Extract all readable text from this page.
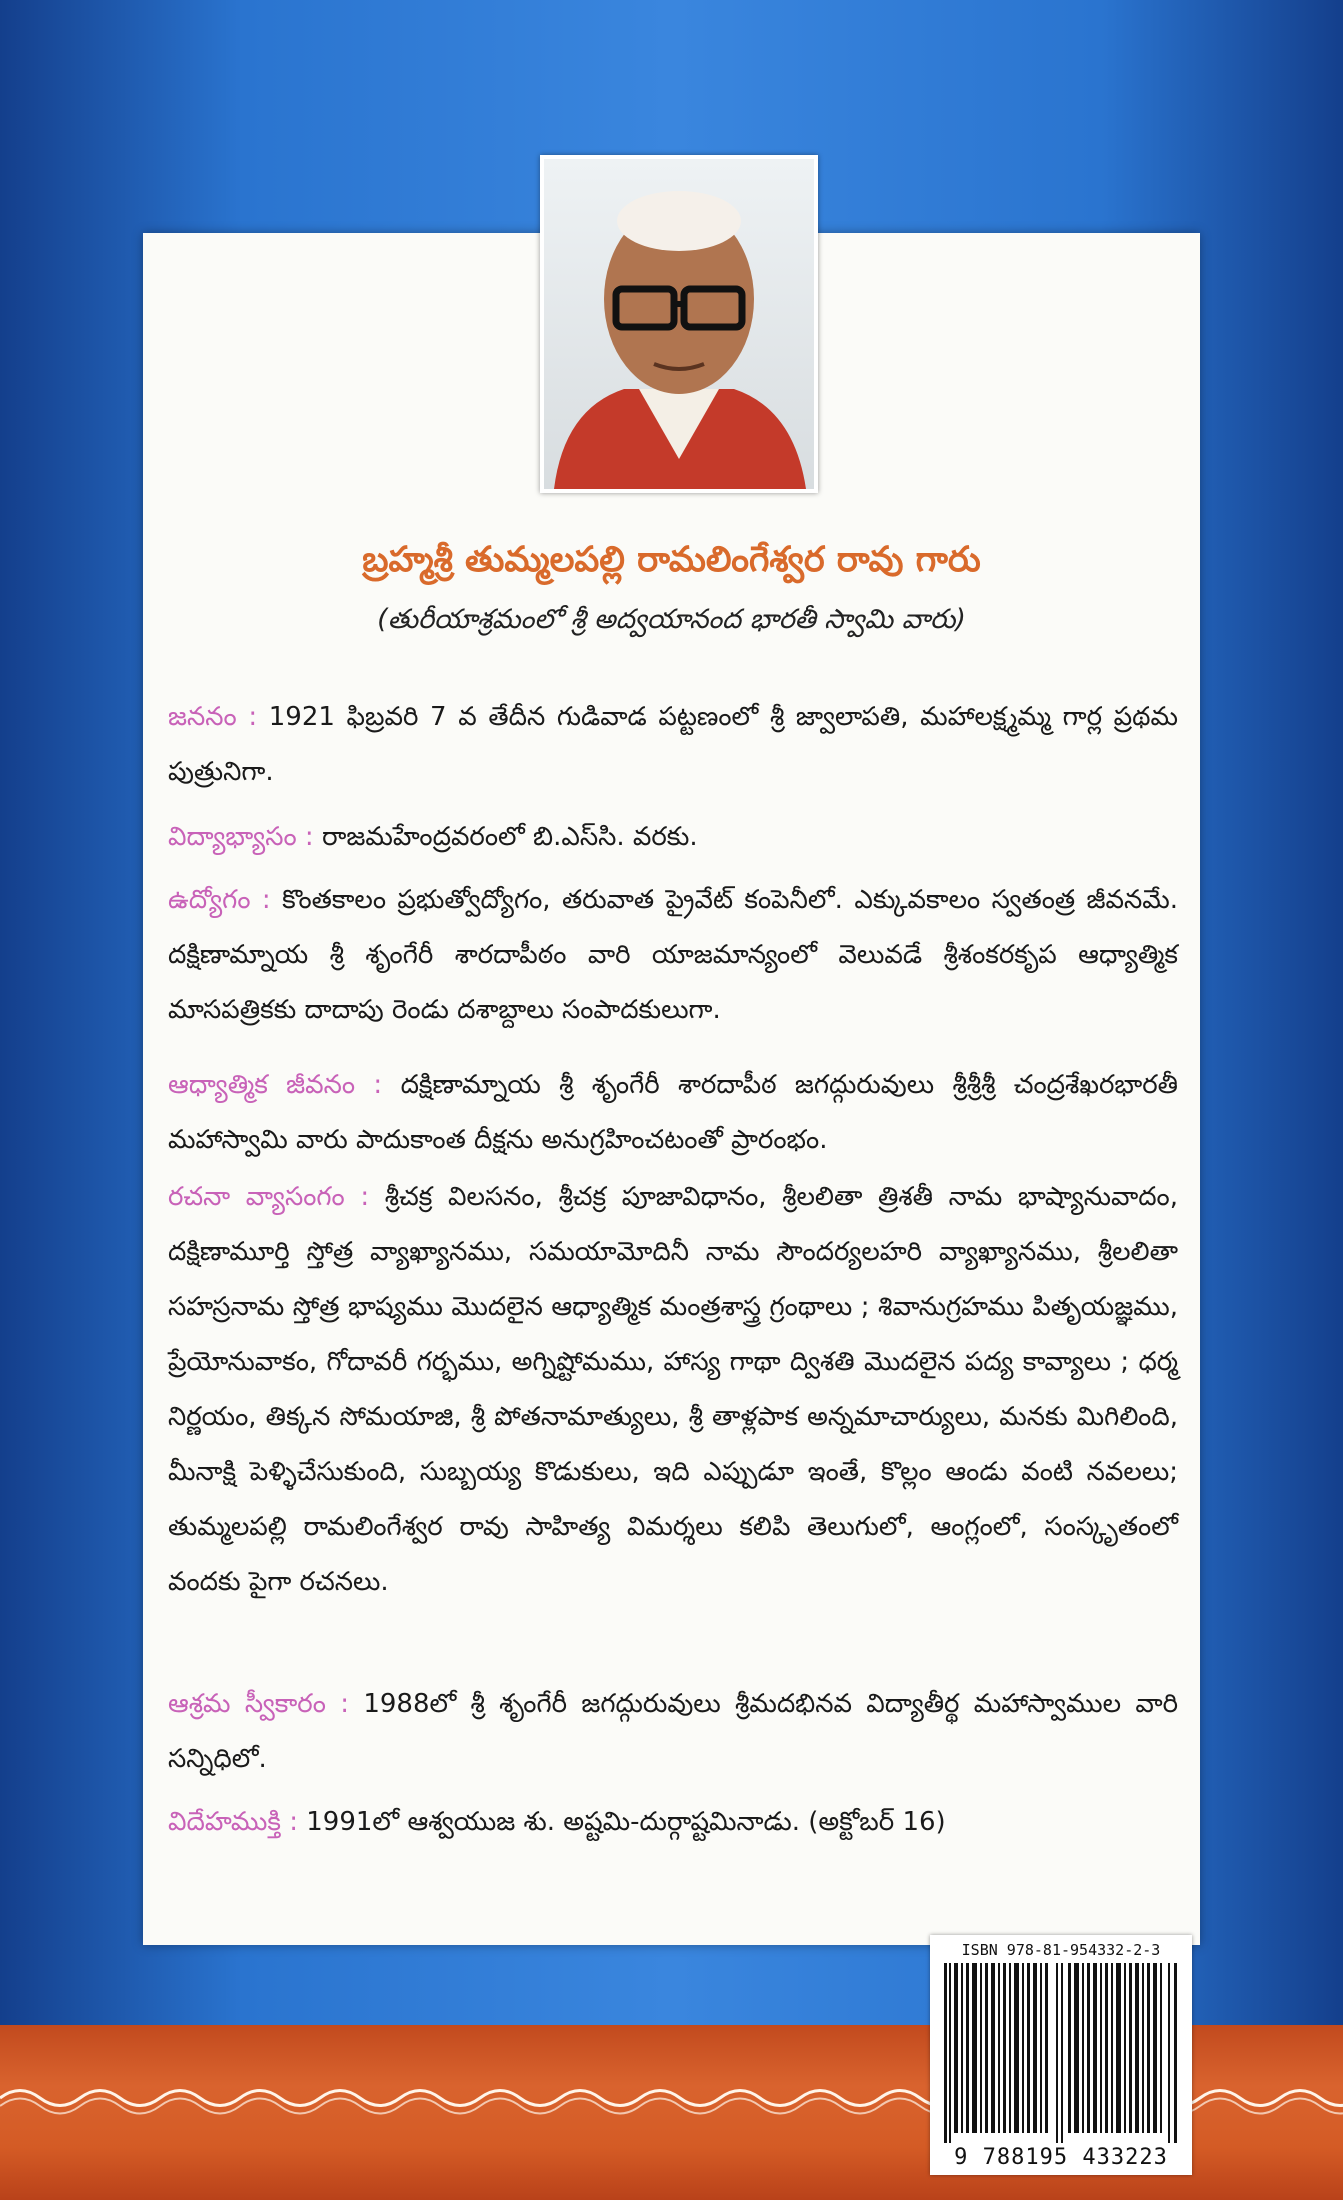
బ్రహ్మశ్రీ తుమ్మలపల్లి రామలింగేశ్వర రావు గారు
(తురీయాశ్రమంలో శ్రీ అద్వయానంద భారతీ స్వామి వారు)
జననం : 1921 ఫిబ్రవరి 7 వ తేదీన గుడివాడ పట్టణంలో శ్రీ జ్వాలాపతి, మహాలక్ష్మమ్మ గార్ల ప్రథమ పుత్రునిగా.
విద్యాభ్యాసం : రాజమహేంద్రవరంలో బి.ఎస్‌సి. వరకు.
ఉద్యోగం : కొంతకాలం ప్రభుత్వోద్యోగం, తరువాత ప్రైవేట్ కంపెనీలో. ఎక్కువకాలం స్వతంత్ర జీవనమే. దక్షిణామ్నాయ శ్రీ శృంగేరీ శారదాపీఠం వారి యాజమాన్యంలో వెలువడే శ్రీశంకరకృప ఆధ్యాత్మిక మాసపత్రికకు దాదాపు రెండు దశాబ్దాలు సంపాదకులుగా.
ఆధ్యాత్మిక జీవనం : దక్షిణామ్నాయ శ్రీ శృంగేరీ శారదాపీఠ జగద్గురువులు శ్రీశ్రీశ్రీ చంద్రశేఖరభారతీ మహాస్వామి వారు పాదుకాంత దీక్షను అనుగ్రహించటంతో ప్రారంభం.
రచనా వ్యాసంగం : శ్రీచక్ర విలసనం, శ్రీచక్ర పూజావిధానం, శ్రీలలితా త్రిశతీ నామ భాష్యానువాదం, దక్షిణామూర్తి స్తోత్ర వ్యాఖ్యానము, సమయామోదినీ నామ సౌందర్యలహరి వ్యాఖ్యానము, శ్రీలలితా సహస్రనామ స్తోత్ర భాష్యము మొదలైన ఆధ్యాత్మిక మంత్రశాస్త్ర గ్రంథాలు ; శివానుగ్రహము పితృయజ్ఞము, ప్రేయోనువాకం, గోదావరీ గర్భము, అగ్నిష్టోమము, హాస్య గాథా ద్విశతి మొదలైన పద్య కావ్యాలు ; ధర్మ నిర్ణయం, తిక్కన సోమయాజి, శ్రీ పోతనామాత్యులు, శ్రీ తాళ్లపాక అన్నమాచార్యులు, మనకు మిగిలింది, మీనాక్షి పెళ్ళిచేసుకుంది, సుబ్బయ్య కొడుకులు, ఇది ఎప్పుడూ ఇంతే, కొల్లం ఆండు వంటి నవలలు; తుమ్మలపల్లి రామలింగేశ్వర రావు సాహిత్య విమర్శలు కలిపి తెలుగులో, ఆంగ్లంలో, సంస్కృతంలో వందకు పైగా రచనలు.
ఆశ్రమ స్వీకారం : 1988లో శ్రీ శృంగేరీ జగద్గురువులు శ్రీమదభినవ విద్యాతీర్థ మహాస్వాముల వారి సన్నిధిలో.
విదేహముక్తి : 1991లో ఆశ్వయుజ శు. అష్టమి-దుర్గాష్టమినాడు. (అక్టోబర్ 16)
ISBN 978-81-954332-2-3
9 788195 433223
